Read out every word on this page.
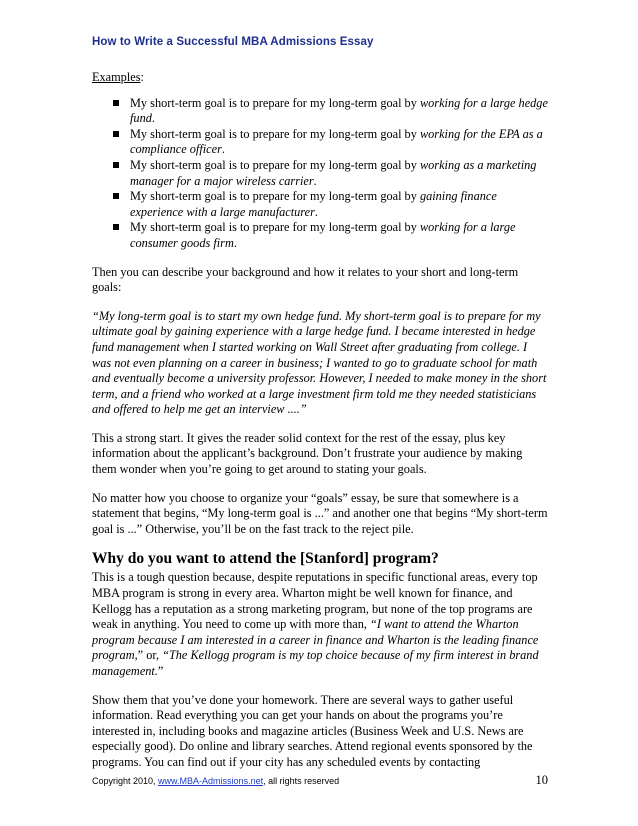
How to Write a Successful MBA Admissions Essay

Examples:

My short-term goal is to prepare for my long-term goal by working for a large hedge fund.
My short-term goal is to prepare for my long-term goal by working for the EPA as a compliance officer.
My short-term goal is to prepare for my long-term goal by working as a marketing manager for a major wireless carrier.
My short-term goal is to prepare for my long-term goal by gaining finance experience with a large manufacturer.
My short-term goal is to prepare for my long-term goal by working for a large consumer goods firm.

Then you can describe your background and how it relates to your short and long-term goals:

“My long-term goal is to start my own hedge fund. My short-term goal is to prepare for my ultimate goal by gaining experience with a large hedge fund. I became interested in hedge fund management when I started working on Wall Street after graduating from college. I was not even planning on a career in business; I wanted to go to graduate school for math and eventually become a university professor. However, I needed to make money in the short term, and a friend who worked at a large investment firm told me they needed statisticians and offered to help me get an interview ....”

This a strong start. It gives the reader solid context for the rest of the essay, plus key information about the applicant’s background. Don’t frustrate your audience by making them wonder when you’re going to get around to stating your goals.

No matter how you choose to organize your “goals” essay, be sure that somewhere is a statement that begins, “My long-term goal is ...” and another one that begins “My short-term goal is ...” Otherwise, you’ll be on the fast track to the reject pile.

Why do you want to attend the [Stanford] program?

This is a tough question because, despite reputations in specific functional areas, every top MBA program is strong in every area. Wharton might be well known for finance, and Kellogg has a reputation as a strong marketing program, but none of the top programs are weak in anything. You need to come up with more than, “I want to attend the Wharton program because I am interested in a career in finance and Wharton is the leading finance program,” or, “The Kellogg program is my top choice because of my firm interest in brand management.”

Show them that you’ve done your homework. There are several ways to gather useful information. Read everything you can get your hands on about the programs you’re interested in, including books and magazine articles (Business Week and U.S. News are especially good). Do online and library searches. Attend regional events sponsored by the programs. You can find out if your city has any scheduled events by contacting

Copyright 2010, www.MBA-Admissions.net, all rights reserved	10
